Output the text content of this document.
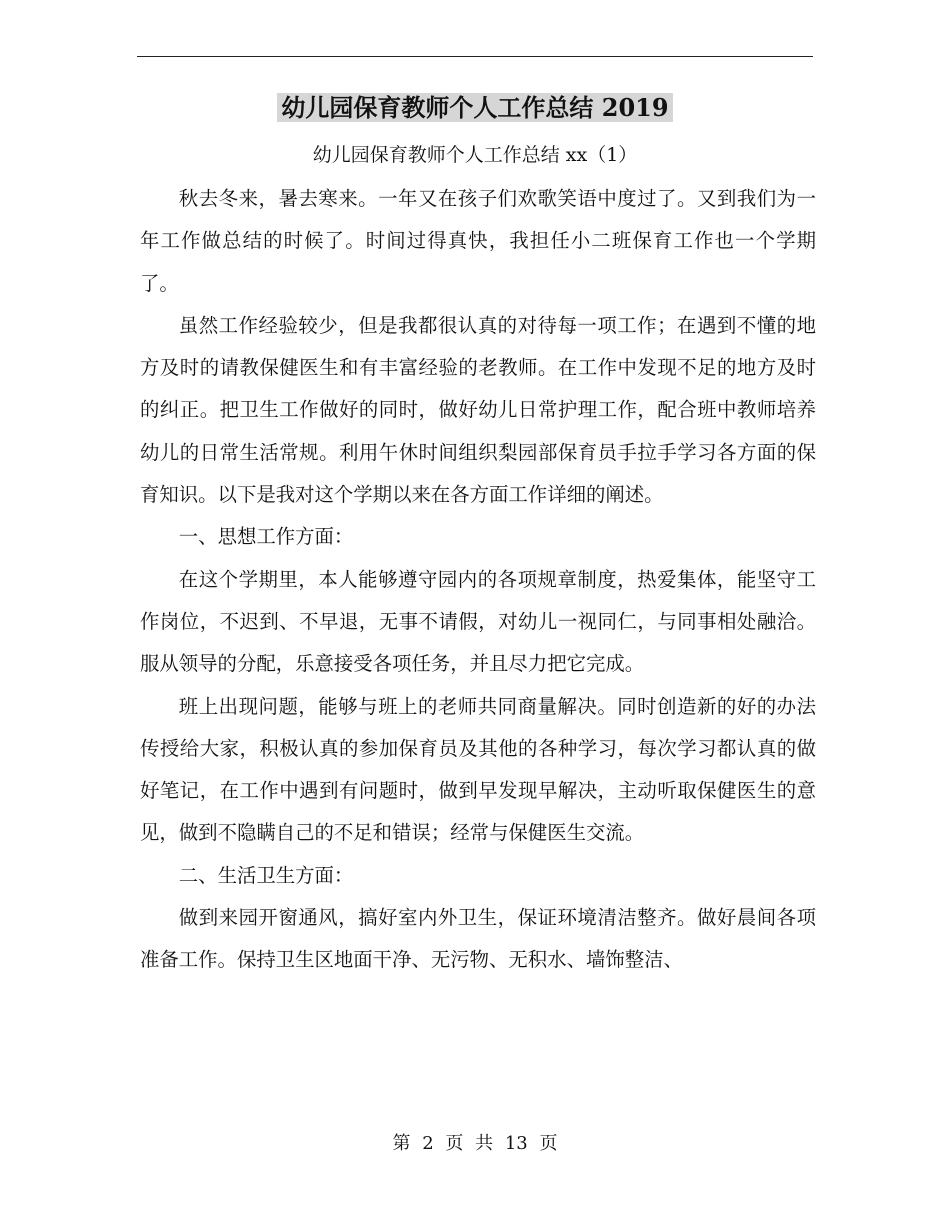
幼儿园保育教师个人工作总结 2019
幼儿园保育教师个人工作总结 xx（1）

秋去冬来，暑去寒来。一年又在孩子们欢歌笑语中度过了。又到我们为一年工作做总结的时候了。时间过得真快，我担任小二班保育工作也一个学期了。

虽然工作经验较少，但是我都很认真的对待每一项工作；在遇到不懂的地方及时的请教保健医生和有丰富经验的老教师。在工作中发现不足的地方及时的纠正。把卫生工作做好的同时，做好幼儿日常护理工作，配合班中教师培养幼儿的日常生活常规。利用午休时间组织梨园部保育员手拉手学习各方面的保育知识。以下是我对这个学期以来在各方面工作详细的阐述。

一、思想工作方面：

在这个学期里，本人能够遵守园内的各项规章制度，热爱集体，能坚守工作岗位，不迟到、不早退，无事不请假，对幼儿一视同仁，与同事相处融洽。服从领导的分配，乐意接受各项任务，并且尽力把它完成。

班上出现问题，能够与班上的老师共同商量解决。同时创造新的好的办法传授给大家，积极认真的参加保育员及其他的各种学习，每次学习都认真的做好笔记，在工作中遇到有问题时，做到早发现早解决，主动听取保健医生的意见，做到不隐瞒自己的不足和错误；经常与保健医生交流。

二、生活卫生方面：

做到来园开窗通风，搞好室内外卫生，保证环境清洁整齐。做好晨间各项准备工作。保持卫生区地面干净、无污物、无积水、墙饰整洁、

第 2 页 共 13 页
